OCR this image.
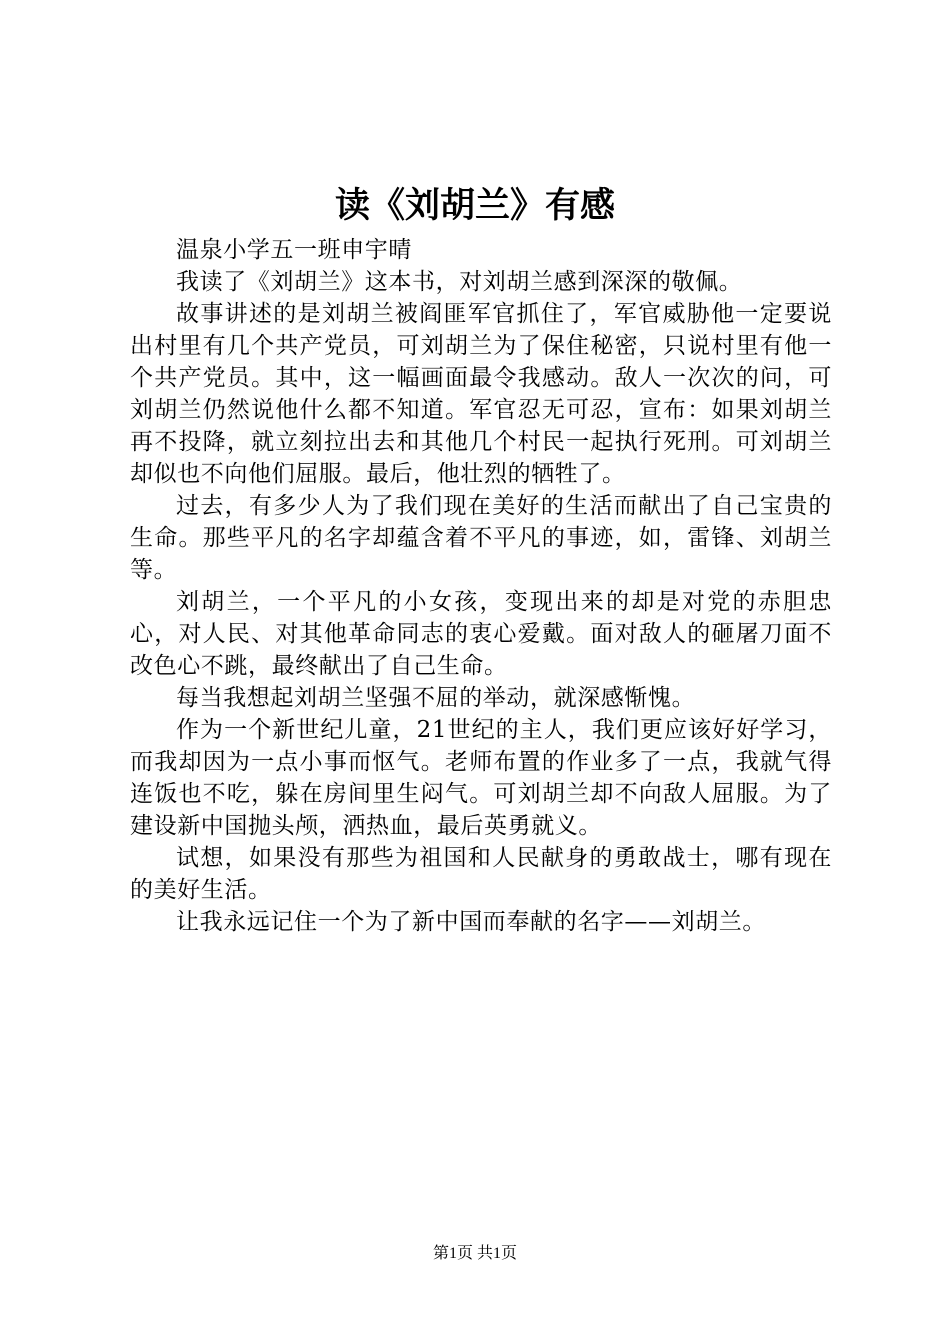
读《刘胡兰》有感

温泉小学五一班申宇晴

我读了《刘胡兰》这本书，对刘胡兰感到深深的敬佩。

故事讲述的是刘胡兰被阎匪军官抓住了，军官威胁他一定要说出村里有几个共产党员，可刘胡兰为了保住秘密，只说村里有他一个共产党员。其中，这一幅画面最令我感动。敌人一次次的问，可刘胡兰仍然说他什么都不知道。军官忍无可忍，宣布：如果刘胡兰再不投降，就立刻拉出去和其他几个村民一起执行死刑。可刘胡兰却似也不向他们屈服。最后，他壮烈的牺牲了。

过去，有多少人为了我们现在美好的生活而献出了自己宝贵的生命。那些平凡的名字却蕴含着不平凡的事迹，如，雷锋、刘胡兰等。

刘胡兰，一个平凡的小女孩，变现出来的却是对党的赤胆忠心，对人民、对其他革命同志的衷心爱戴。面对敌人的砸屠刀面不改色心不跳，最终献出了自己生命。

每当我想起刘胡兰坚强不屈的举动，就深感惭愧。

作为一个新世纪儿童，21世纪的主人，我们更应该好好学习，而我却因为一点小事而怄气。老师布置的作业多了一点，我就气得连饭也不吃，躲在房间里生闷气。可刘胡兰却不向敌人屈服。为了建设新中国抛头颅，洒热血，最后英勇就义。

试想，如果没有那些为祖国和人民献身的勇敢战士，哪有现在的美好生活。

让我永远记住一个为了新中国而奉献的名字——刘胡兰。

第1页 共1页
